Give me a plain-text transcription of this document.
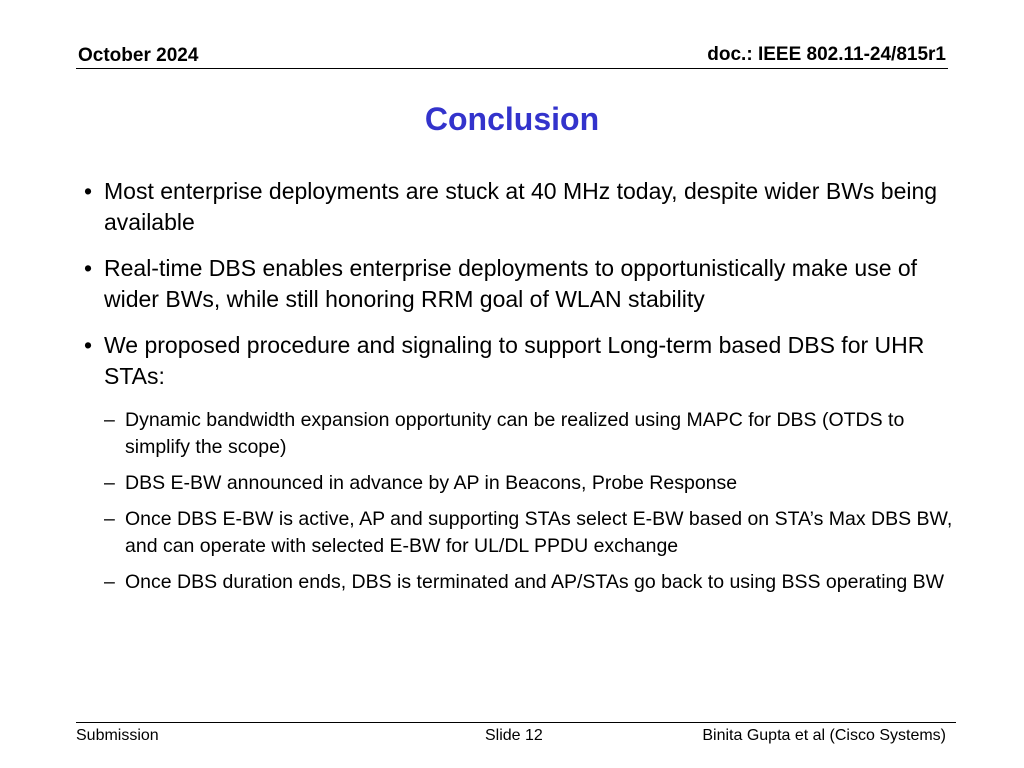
October 2024	doc.: IEEE 802.11-24/815r1
Conclusion
• Most enterprise deployments are stuck at 40 MHz today, despite wider BWs being available
• Real-time DBS enables enterprise deployments to opportunistically make use of wider BWs, while still honoring RRM goal of WLAN stability
• We proposed procedure and signaling to support Long-term based DBS for UHR STAs:
– Dynamic bandwidth expansion opportunity can be realized using MAPC for DBS (OTDS to simplify the scope)
– DBS E-BW announced in advance by AP in Beacons, Probe Response
– Once DBS E-BW is active, AP and supporting STAs select E-BW based on STA’s Max DBS BW, and can operate with selected E-BW for UL/DL PPDU exchange
– Once DBS duration ends, DBS is terminated and AP/STAs go back to using BSS operating BW
Submission	Slide 12	Binita Gupta et al (Cisco Systems)
